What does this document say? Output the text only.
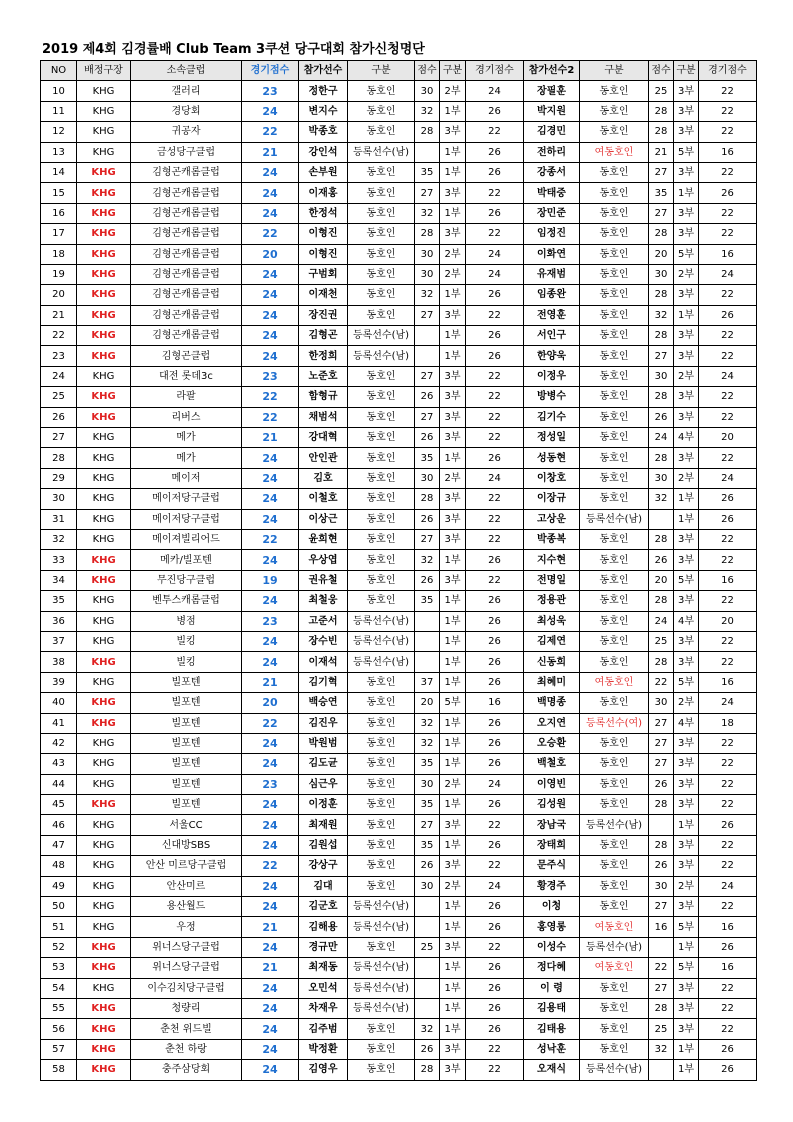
2019 제4회 김경률배 Club Team 3쿠션 당구대회 참가신청명단
NO	배정구장	소속클럽	경기점수	참가선수	구분	점수	구분	경기점수	참가선수2	구분	점수	구분	경기점수
10	KHG	갤러리	23	정한구	동호인	30	2부	24	장필훈	동호인	25	3부	22
11	KHG	경당회	24	변지수	동호인	32	1부	26	박지원	동호인	28	3부	22
12	KHG	귀공자	22	박종호	동호인	28	3부	22	김경민	동호인	28	3부	22
13	KHG	금성당구클럽	21	강인석	등록선수(남)		1부	26	전하리	여동호인	21	5부	16
14	KHG	김형곤캐롬클럽	24	손부원	동호인	35	1부	26	강종서	동호인	27	3부	22
15	KHG	김형곤캐롬클럽	24	이재홍	동호인	27	3부	22	박태중	동호인	35	1부	26
16	KHG	김형곤캐롬클럽	24	한정석	동호인	32	1부	26	장민준	동호인	27	3부	22
17	KHG	김형곤캐롬클럽	22	이형진	동호인	28	3부	22	임정진	동호인	28	3부	22
18	KHG	김형곤캐롬클럽	20	이형진	동호인	30	2부	24	이화연	동호인	20	5부	16
19	KHG	김형곤캐롬클럽	24	구범회	동호인	30	2부	24	유재범	동호인	30	2부	24
20	KHG	김형곤캐롬클럽	24	이재천	동호인	32	1부	26	임종완	동호인	28	3부	22
21	KHG	김형곤캐롬클럽	24	장진권	동호인	27	3부	22	전영훈	동호인	32	1부	26
22	KHG	김형곤캐롬클럽	24	김형곤	등록선수(남)		1부	26	서인구	동호인	28	3부	22
23	KHG	김형곤클럽	24	한정희	등록선수(남)		1부	26	한양욱	동호인	27	3부	22
24	KHG	대전 롯데3c	23	노준호	동호인	27	3부	22	이정우	동호인	30	2부	24
25	KHG	라팔	22	함형규	동호인	26	3부	22	방병수	동호인	28	3부	22
26	KHG	리버스	22	채범석	동호인	27	3부	22	김기수	동호인	26	3부	22
27	KHG	메가	21	강대혁	동호인	26	3부	22	정성일	동호인	24	4부	20
28	KHG	메가	24	안인관	동호인	35	1부	26	성동현	동호인	28	3부	22
29	KHG	메이저	24	김호	동호인	30	2부	24	이창호	동호인	30	2부	24
30	KHG	메이저당구클럽	24	이철호	동호인	28	3부	22	이장규	동호인	32	1부	26
31	KHG	메이저당구클럽	24	이상근	동호인	26	3부	22	고상운	등록선수(남)		1부	26
32	KHG	메이져빌리어드	22	윤희현	동호인	27	3부	22	박종복	동호인	28	3부	22
33	KHG	메카/빌포텐	24	우상엽	동호인	32	1부	26	지수현	동호인	26	3부	22
34	KHG	무진당구클럽	19	권유철	동호인	26	3부	22	전명일	동호인	20	5부	16
35	KHG	벤투스캐롬클럽	24	최철웅	동호인	35	1부	26	정용관	동호인	28	3부	22
36	KHG	병점	23	고준서	등록선수(남)		1부	26	최성욱	동호인	24	4부	20
37	KHG	빌킹	24	장수빈	등록선수(남)		1부	26	김제연	동호인	25	3부	22
38	KHG	빌킹	24	이재석	등록선수(남)		1부	26	신동희	동호인	28	3부	22
39	KHG	빌포텐	21	김기혁	동호인	37	1부	26	최혜미	여동호인	22	5부	16
40	KHG	빌포텐	20	백승연	동호인	20	5부	16	백명종	동호인	30	2부	24
41	KHG	빌포텐	22	김진우	동호인	32	1부	26	오지연	등록선수(여)	27	4부	18
42	KHG	빌포텐	24	박원범	동호인	32	1부	26	오승환	동호인	27	3부	22
43	KHG	빌포텐	24	김도균	동호인	35	1부	26	백철호	동호인	27	3부	22
44	KHG	빌포텐	23	심근우	동호인	30	2부	24	이영빈	동호인	26	3부	22
45	KHG	빌포텐	24	이정훈	동호인	35	1부	26	김성원	동호인	28	3부	22
46	KHG	서울CC	24	최재원	동호인	27	3부	22	장남국	등록선수(남)		1부	26
47	KHG	신대방SBS	24	김원섭	동호인	35	1부	26	장태희	동호인	28	3부	22
48	KHG	안산 미르당구클럽	22	강상구	동호인	26	3부	22	문주식	동호인	26	3부	22
49	KHG	안산미르	24	김대	동호인	30	2부	24	황경주	동호인	30	2부	24
50	KHG	용산월드	24	김군호	등록선수(남)		1부	26	이청	동호인	27	3부	22
51	KHG	우정	21	김해용	등록선수(남)		1부	26	홍영롱	여동호인	16	5부	16
52	KHG	위너스당구클럽	24	경규만	동호인	25	3부	22	이성수	등록선수(남)		1부	26
53	KHG	위너스당구클럽	21	최재동	등록선수(남)		1부	26	정다혜	여동호인	22	5부	16
54	KHG	이수김치당구클럽	24	오민석	등록선수(남)		1부	26	이 령	동호인	27	3부	22
55	KHG	청량리	24	차재우	등록선수(남)		1부	26	김용태	동호인	28	3부	22
56	KHG	춘천 위드빌	24	김주범	동호인	32	1부	26	김태용	동호인	25	3부	22
57	KHG	춘천 하랑	24	박정환	동호인	26	3부	22	성낙훈	동호인	32	1부	26
58	KHG	충주삼당회	24	김영우	동호인	28	3부	22	오재식	등록선수(남)		1부	26
